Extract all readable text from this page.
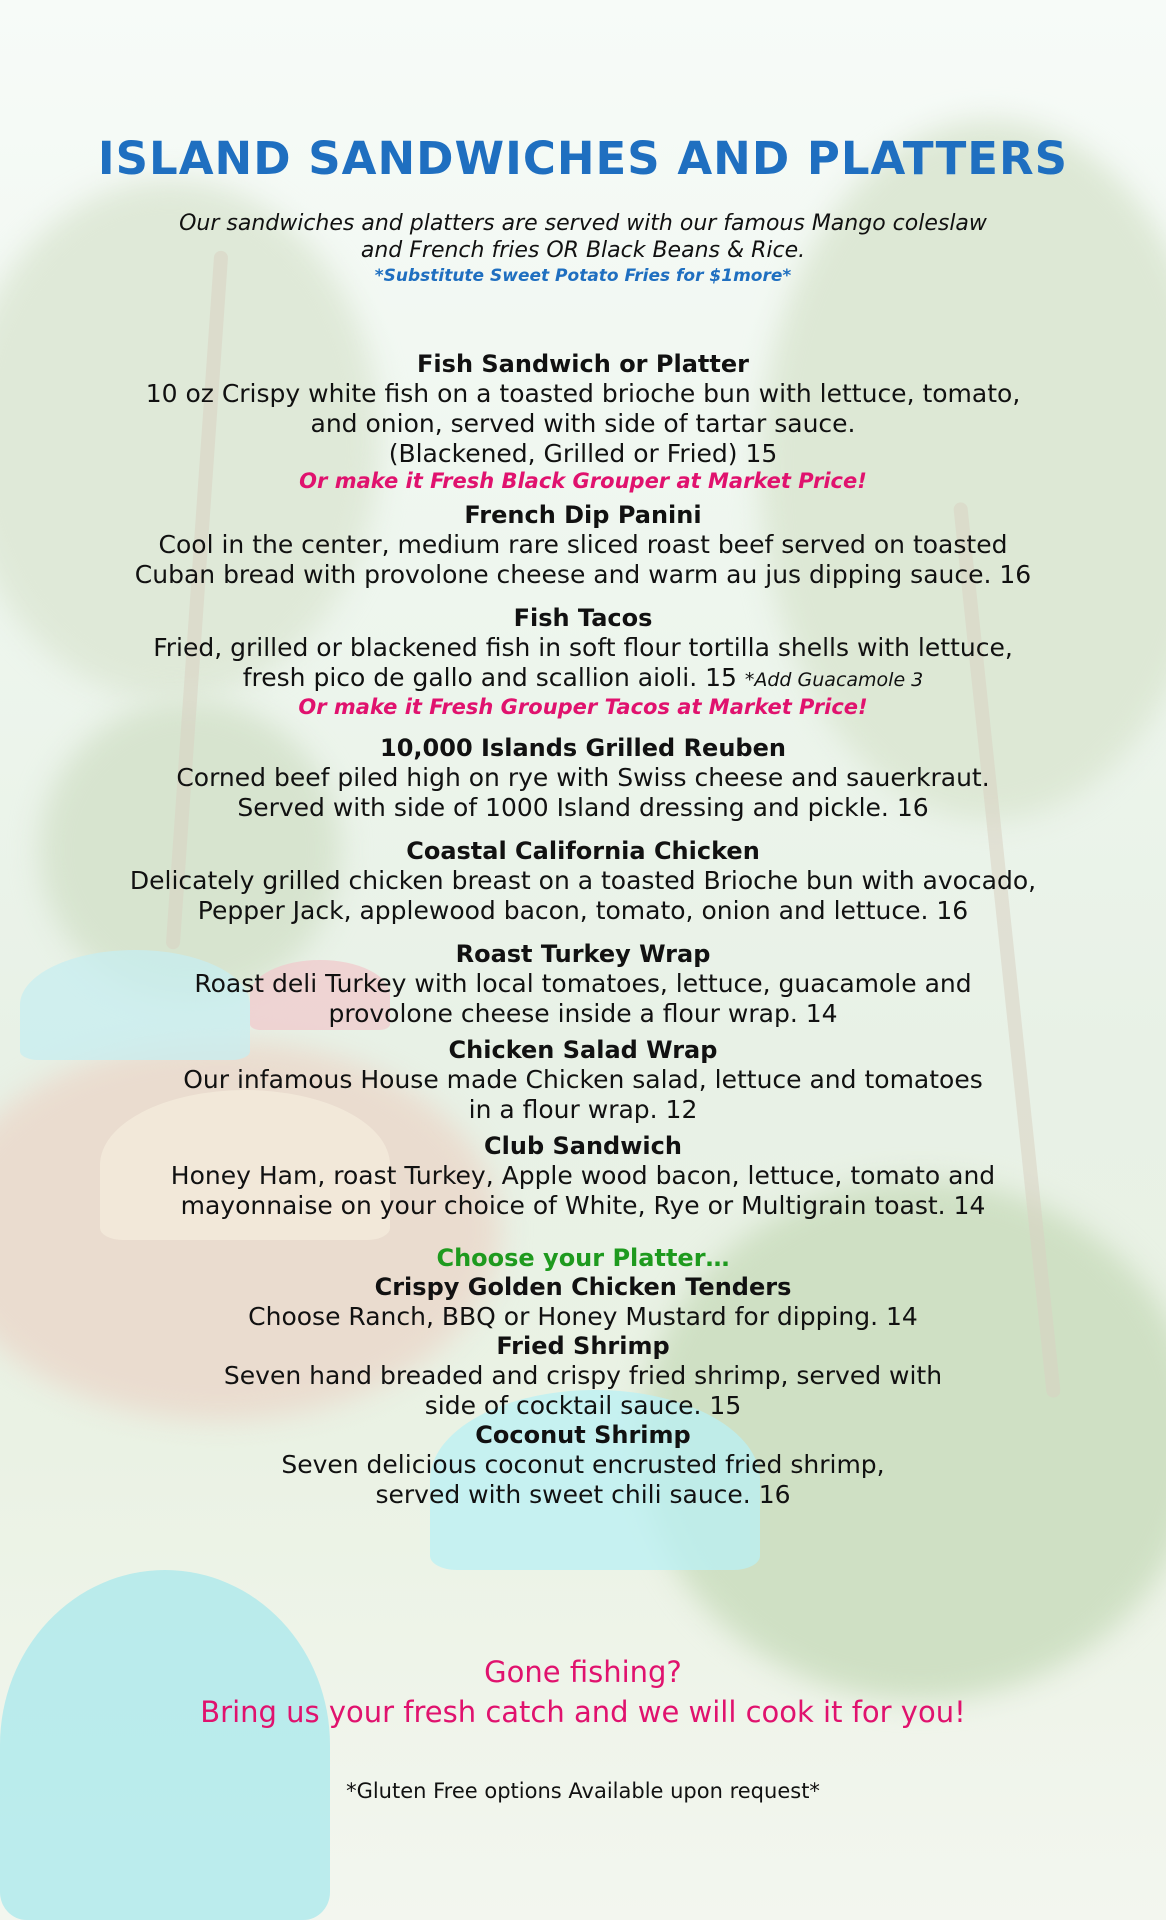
ISLAND SANDWICHES AND PLATTERS
Our sandwiches and platters are served with our famous Mango coleslaw
and French fries OR Black Beans & Rice.
*Substitute Sweet Potato Fries for $1more*
Fish Sandwich or Platter
10 oz Crispy white fish on a toasted brioche bun with lettuce, tomato,
and onion, served with side of tartar sauce.
(Blackened, Grilled or Fried) 15
Or make it Fresh Black Grouper at Market Price!
French Dip Panini
Cool in the center, medium rare sliced roast beef served on toasted
Cuban bread with provolone cheese and warm au jus dipping sauce. 16
Fish Tacos
Fried, grilled or blackened fish in soft flour tortilla shells with lettuce,
fresh pico de gallo and scallion aioli. 15 *Add Guacamole 3
Or make it Fresh Grouper Tacos at Market Price!
10,000 Islands Grilled Reuben
Corned beef piled high on rye with Swiss cheese and sauerkraut.
Served with side of 1000 Island dressing and pickle. 16
Coastal California Chicken
Delicately grilled chicken breast on a toasted Brioche bun with avocado,
Pepper Jack, applewood bacon, tomato, onion and lettuce. 16
Roast Turkey Wrap
Roast deli Turkey with local tomatoes, lettuce, guacamole and
provolone cheese inside a flour wrap. 14
Chicken Salad Wrap
Our infamous House made Chicken salad, lettuce and tomatoes
in a flour wrap. 12
Club Sandwich
Honey Ham, roast Turkey, Apple wood bacon, lettuce, tomato and
mayonnaise on your choice of White, Rye or Multigrain toast. 14
Choose your Platter…
Crispy Golden Chicken Tenders
Choose Ranch, BBQ or Honey Mustard for dipping. 14
Fried Shrimp
Seven hand breaded and crispy fried shrimp, served with
side of cocktail sauce. 15
Coconut Shrimp
Seven delicious coconut encrusted fried shrimp,
served with sweet chili sauce. 16
Gone fishing?
Bring us your fresh catch and we will cook it for you!
*Gluten Free options Available upon request*
